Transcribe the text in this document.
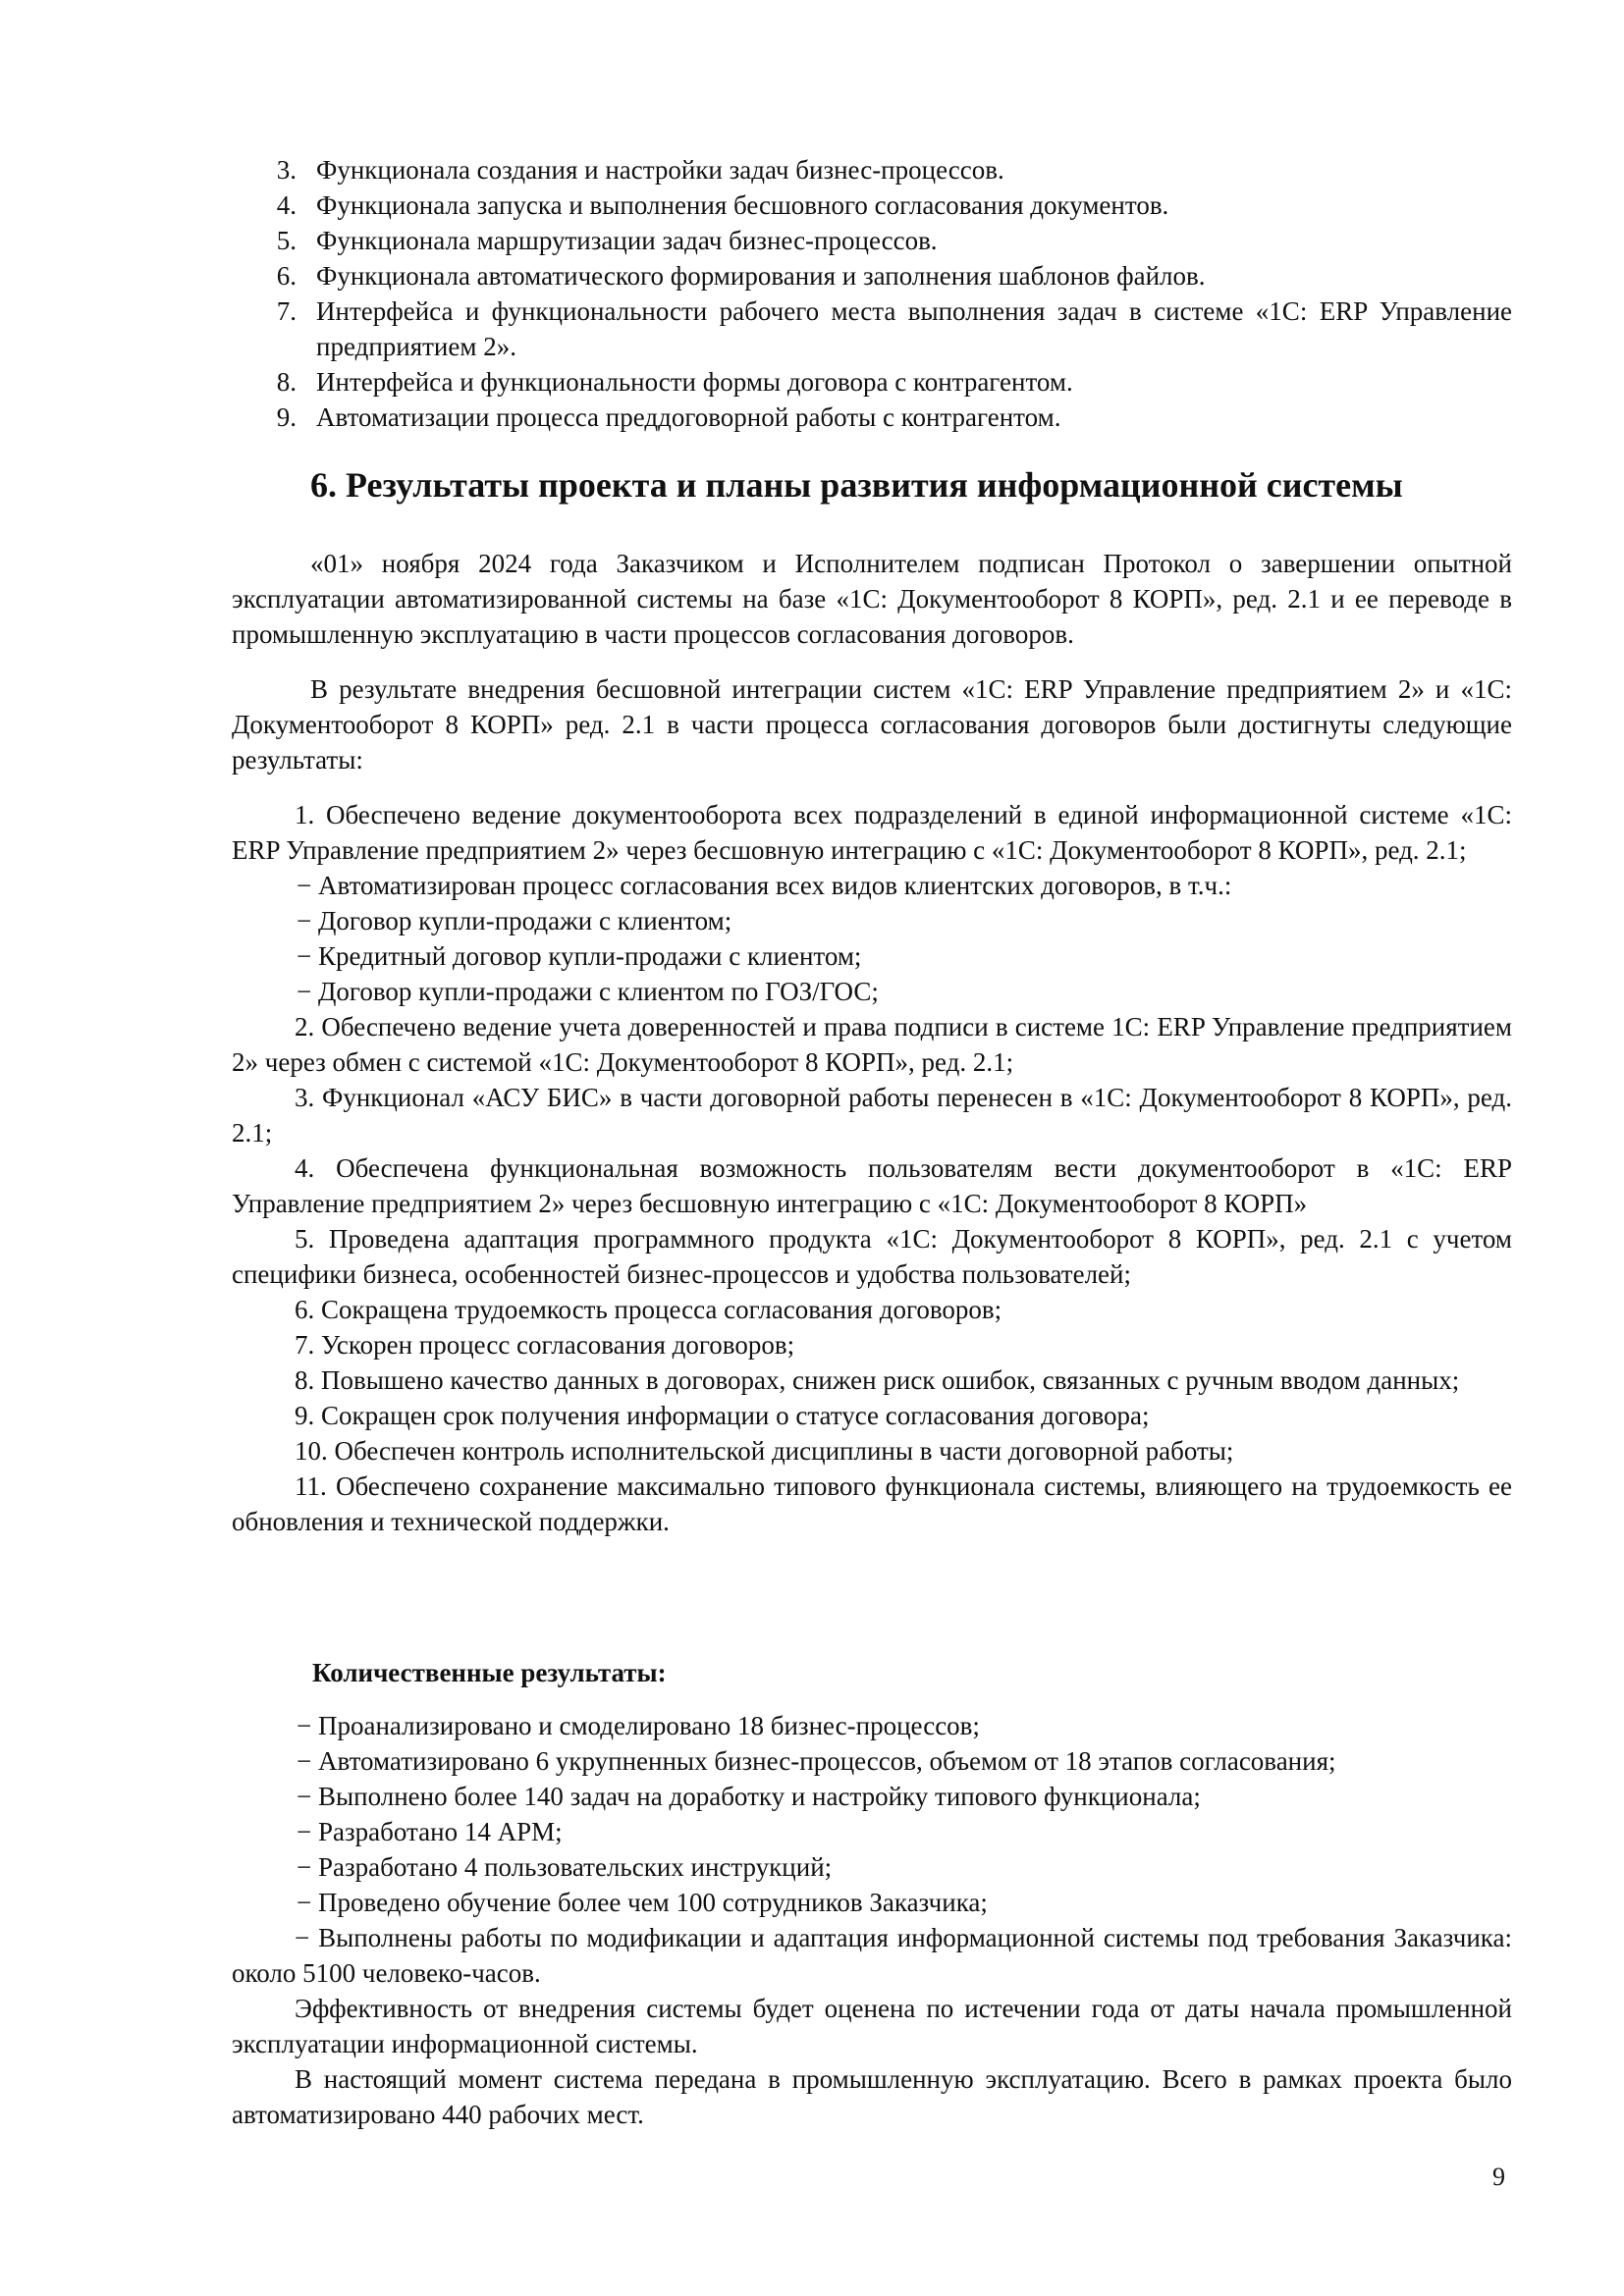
3. Функционала создания и настройки задач бизнес-процессов.
4. Функционала запуска и выполнения бесшовного согласования документов.
5. Функционала маршрутизации задач бизнес-процессов.
6. Функционала автоматического формирования и заполнения шаблонов файлов.
7. Интерфейса и функциональности рабочего места выполнения задач в системе «1С: ERP Управление предприятием 2».
8. Интерфейса и функциональности формы договора с контрагентом.
9. Автоматизации процесса преддоговорной работы с контрагентом.
6. Результаты проекта и планы развития информационной системы

«01» ноября 2024 года Заказчиком и Исполнителем подписан Протокол о завершении опытной эксплуатации автоматизированной системы на базе «1С: Документооборот 8 КОРП», ред. 2.1 и ее переводе в промышленную эксплуатацию в части процессов согласования договоров.

В результате внедрения бесшовной интеграции систем «1С: ERP Управление предприятием 2» и «1С: Документооборот 8 КОРП» ред. 2.1 в части процесса согласования договоров были достигнуты следующие результаты:

1. Обеспечено ведение документооборота всех подразделений в единой информационной системе «1С: ERP Управление предприятием 2» через бесшовную интеграцию с «1С: Документооборот 8 КОРП», ред. 2.1;

− Автоматизирован процесс согласования всех видов клиентских договоров, в т.ч.:

− Договор купли-продажи с клиентом;

− Кредитный договор купли-продажи с клиентом;

− Договор купли-продажи с клиентом по ГОЗ/ГОС;

2. Обеспечено ведение учета доверенностей и права подписи в системе 1С: ERP Управление предприятием 2» через обмен с системой «1С: Документооборот 8 КОРП», ред. 2.1;

3. Функционал «АСУ БИС» в части договорной работы перенесен в «1С: Документооборот 8 КОРП», ред. 2.1;

4. Обеспечена функциональная возможность пользователям вести документооборот в «1С: ERP Управление предприятием 2» через бесшовную интеграцию с «1С: Документооборот 8 КОРП»

5. Проведена адаптация программного продукта «1С: Документооборот 8 КОРП», ред. 2.1 с учетом специфики бизнеса, особенностей бизнес-процессов и удобства пользователей;

6. Сокращена трудоемкость процесса согласования договоров;

7. Ускорен процесс согласования договоров;

8. Повышено качество данных в договорах, снижен риск ошибок, связанных с ручным вводом данных;

9. Сокращен срок получения информации о статусе согласования договора;

10. Обеспечен контроль исполнительской дисциплины в части договорной работы;

11. Обеспечено сохранение максимально типового функционала системы, влияющего на трудоемкость ее обновления и технической поддержки.

Количественные результаты:

− Проанализировано и смоделировано 18 бизнес-процессов;

− Автоматизировано 6 укрупненных бизнес-процессов, объемом от 18 этапов согласования;

− Выполнено более 140 задач на доработку и настройку типового функционала;

− Разработано 14 АРМ;

− Разработано 4 пользовательских инструкций;

− Проведено обучение более чем 100 сотрудников Заказчика;

− Выполнены работы по модификации и адаптация информационной системы под требования Заказчика: около 5100 человеко-часов.

Эффективность от внедрения системы будет оценена по истечении года от даты начала промышленной эксплуатации информационной системы.

В настоящий момент система передана в промышленную эксплуатацию. Всего в рамках проекта было автоматизировано 440 рабочих мест.

9
